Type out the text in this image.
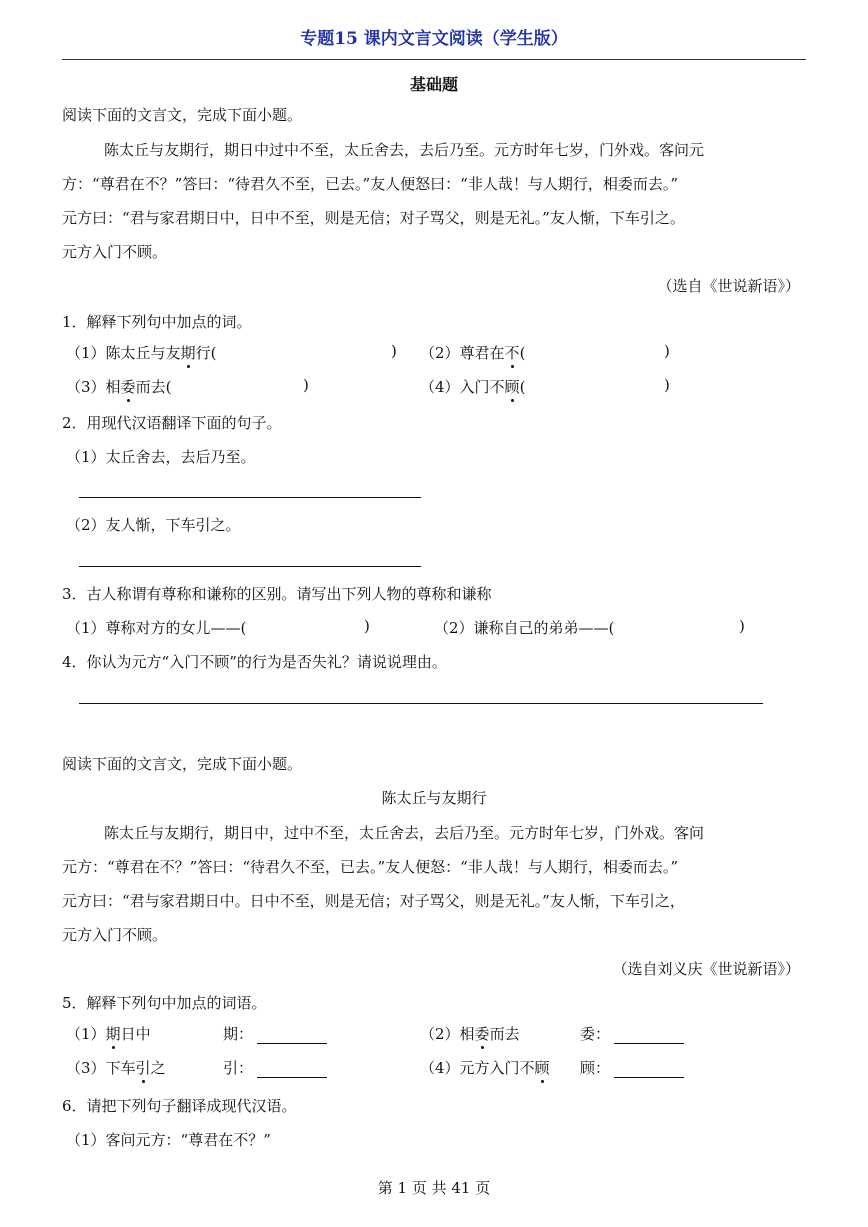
专题15 课内文言文阅读（学生版）
基础题
阅读下面的文言文，完成下面小题。
陈太丘与友期行，期日中过中不至，太丘舍去，去后乃至。元方时年七岁，门外戏。客问元
方：“尊君在不？”答曰：“待君久不至，已去。”友人便怒曰：“非人哉！与人期行，相委而去。”
元方曰：“君与家君期日中，日中不至，则是无信；对子骂父，则是无礼。”友人惭，下车引之。
元方入门不顾。
（选自《世说新语》）
1．解释下列句中加点的词。
（1）陈太丘与友期行(	) （2）尊君在不(	)
（3）相委而去(	)	（4）入门不顾(	)
2．用现代汉语翻译下面的句子。
（1）太丘舍去，去后乃至。
（2）友人惭，下车引之。
3．古人称谓有尊称和谦称的区别。请写出下列人物的尊称和谦称
（1）尊称对方的女儿——(	)	（2）谦称自己的弟弟——(	)
4．你认为元方“入门不顾”的行为是否失礼？请说说理由。
阅读下面的文言文，完成下面小题。
陈太丘与友期行
陈太丘与友期行，期日中，过中不至，太丘舍去，去后乃至。元方时年七岁，门外戏。客问
元方：“尊君在不？”答曰：“待君久不至，已去。”友人便怒：“非人哉！与人期行，相委而去。”
元方曰：“君与家君期日中。日中不至，则是无信；对子骂父，则是无礼。”友人惭，下车引之，
元方入门不顾。
（选自刘义庆《世说新语》）
5．解释下列句中加点的词语。
（1）期日中	期：	（2）相委而去	委：
（3）下车引之	引：	（4）元方入门不顾 顾：
6．请把下列句子翻译成现代汉语。
（1）客问元方：“尊君在不？”
第 1 页 共 41 页
